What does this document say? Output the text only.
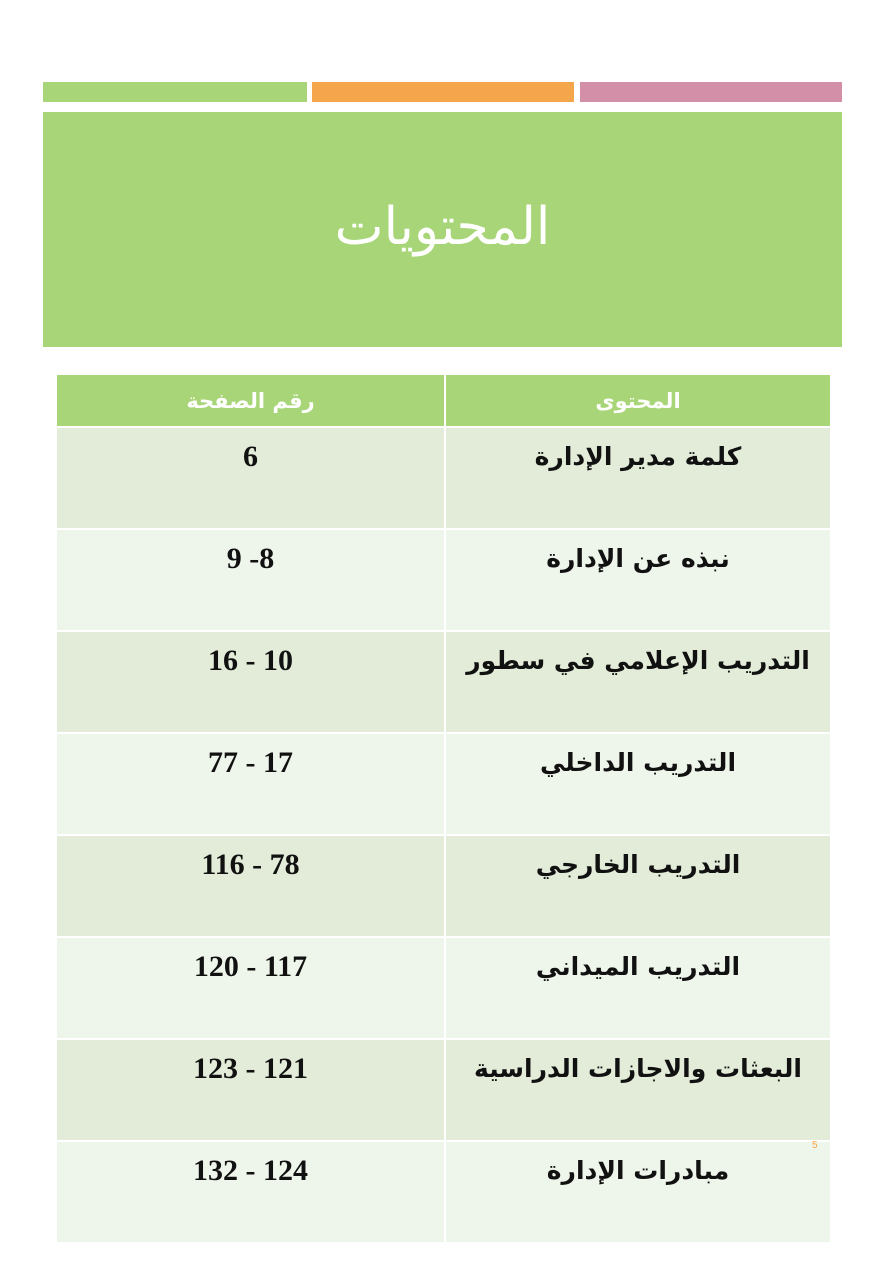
المحتويات
المحتوى
رقم الصفحة
كلمة مدير الإدارة
6
نبذه عن الإدارة
9 -8
التدريب الإعلامي في سطور
16 - 10
التدريب الداخلي
77 - 17
التدريب الخارجي
116 - 78
التدريب الميداني
120 - 117
البعثات والاجازات الدراسية
123 - 121
مبادرات الإدارة
132 - 124
5
